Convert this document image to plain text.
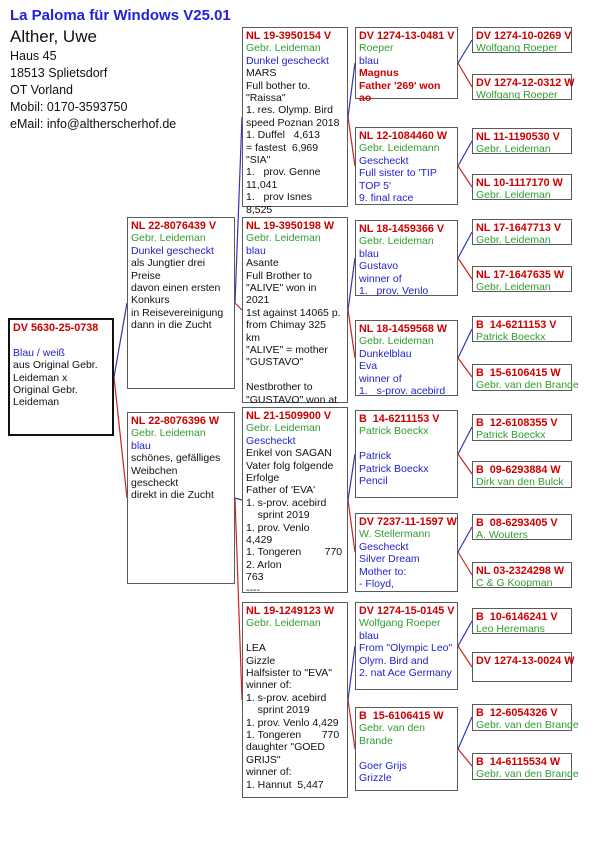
La Paloma für Windows V25.01
Alther, Uwe
Haus 45
18513 Splietsdorf
OT Vorland
Mobil: 0170-3593750
eMail: info@altherscherhof.de
DV 5630-25-0738

Blau / weiß
aus Original Gebr.
Leideman x
Original Gebr.
Leideman
NL 22-8076439 V
Gebr. Leideman
Dunkel gescheckt
als Jungtier drei
Preise
davon einen ersten
Konkurs
in Reisevereinigung
dann in die Zucht
NL 22-8076396 W
Gebr. Leideman
blau
schönes, gefälliges
Weibchen
gescheckt
direkt in die Zucht
NL 19-3950154 V
Gebr. Leideman
Dunkel gescheckt
MARS
Full bother to.
"Raissa"
1. res. Olymp. Bird
speed Poznan 2018
1. Duffel   4,613
= fastest  6,969
"SIA"
1.   prov. Genne
11,041
1.   prov Isnes
8,525
NL 19-3950198 W
Gebr. Leideman
blau
Asante
Full Brother to
"ALIVE" won in
2021
1st against 14065 p.
from Chimay 325
km
"ALIVE" = mother
"GUSTAVO"

Nestbrother to
"GUSTAVO" won at
NL 21-1509900 V
Gebr. Leideman
Gescheckt
Enkel von SAGAN
Vater folg folgende
Erfolge
Father of 'EVA'
1. s-prov. acebird
sprint 2019
1. prov. Venlo
4,429
1. Tongeren        770
2. Arlon
763
----
NL 19-1249123 W
Gebr. Leideman

LEA
Gizzle
Halfsister to "EVA"
winner of:
1. s-prov. acebird
sprint 2019
1. prov. Venlo 4,429
1. Tongeren       770
daughter "GOED
GRIJS"
winner of:
1. Hannut  5,447
DV 1274-13-0481 V
Roeper
blau
Magnus
Father '269' won
ao
NL 12-1084460 W
Gebr. Leidemann
Gescheckt
Full sister to 'TIP
TOP 5'
9. final race
NL 18-1459366 V
Gebr. Leideman
blau
Gustavo
winner of
1.   prov. Venlo
NL 18-1459568 W
Gebr. Leideman
Dunkelblau
Eva
winner of
1.   s-prov. acebird
B  14-6211153 V
Patrick Boeckx

Patrick
Patrick Boeckx
Pencil
DV 7237-11-1597 W
W. Stellermann
Gescheckt
Silver Dream
Mother to:
- Floyd,
DV 1274-15-0145 V
Wolfgang Roeper
blau
From "Olympic Leo"
Olym. Bird and
2. nat Ace Germany
B  15-6106415 W
Gebr. van den
Brande

Goer Grijs
Grizzle
DV 1274-10-0269 V
Wolfgang Roeper
DV 1274-12-0312 W
Wolfgang Roeper
NL 11-1190530 V
Gebr. Leideman
NL 10-1117170 W
Gebr. Leideman
NL 17-1647713 V
Gebr. Leideman
NL 17-1647635 W
Gebr. Leideman
B  14-6211153 V
Patrick Boeckx
B  15-6106415 W
Gebr. van den Brande
B  12-6108355 V
Patrick Boeckx
B  09-6293884 W
Dirk van den Bulck
B  08-6293405 V
A. Wouters
NL 03-2324298 W
C & G Koopman
B  10-6146241 V
Leo Heremans
DV 1274-13-0024 W
B  12-6054326 V
Gebr. van den Brande
B  14-6115534 W
Gebr. van den Brande
